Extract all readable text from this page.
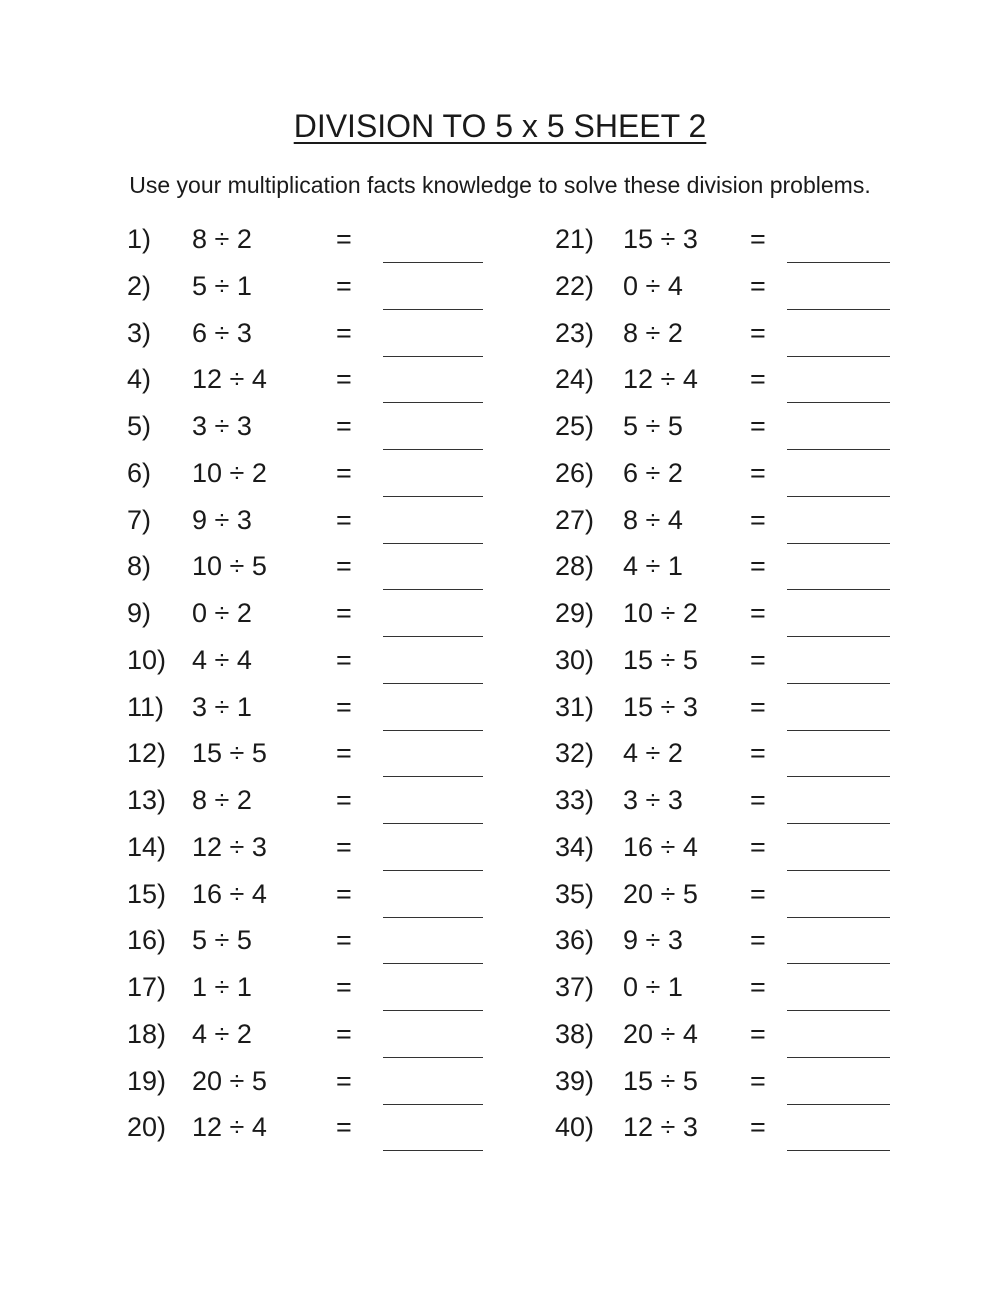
DIVISION TO 5 x 5 SHEET 2
Use your multiplication facts knowledge to solve these division problems.
1) 8 ÷ 2	=
2) 5 ÷ 1	=
3) 6 ÷ 3	=
4) 12 ÷ 4	=
5) 3 ÷ 3	=
6) 10 ÷ 2	=
7) 9 ÷ 3	=
8) 10 ÷ 5	=
9) 0 ÷ 2	=
10) 4 ÷ 4	=
11) 3 ÷ 1	=
12) 15 ÷ 5	=
13) 8 ÷ 2	=
14) 12 ÷ 3	=
15) 16 ÷ 4	=
16) 5 ÷ 5	=
17) 1 ÷ 1	=
18) 4 ÷ 2	=
19) 20 ÷ 5	=
20) 12 ÷ 4	=
21) 15 ÷ 3 =
22) 0 ÷ 4 =
23) 8 ÷ 2 =
24) 12 ÷ 4 =
25) 5 ÷ 5 =
26) 6 ÷ 2 =
27) 8 ÷ 4 =
28) 4 ÷ 1 =
29) 10 ÷ 2 =
30) 15 ÷ 5 =
31) 15 ÷ 3 =
32) 4 ÷ 2 =
33) 3 ÷ 3 =
34) 16 ÷ 4 =
35) 20 ÷ 5 =
36) 9 ÷ 3 =
37) 0 ÷ 1 =
38) 20 ÷ 4 =
39) 15 ÷ 5 =
40) 12 ÷ 3 =
